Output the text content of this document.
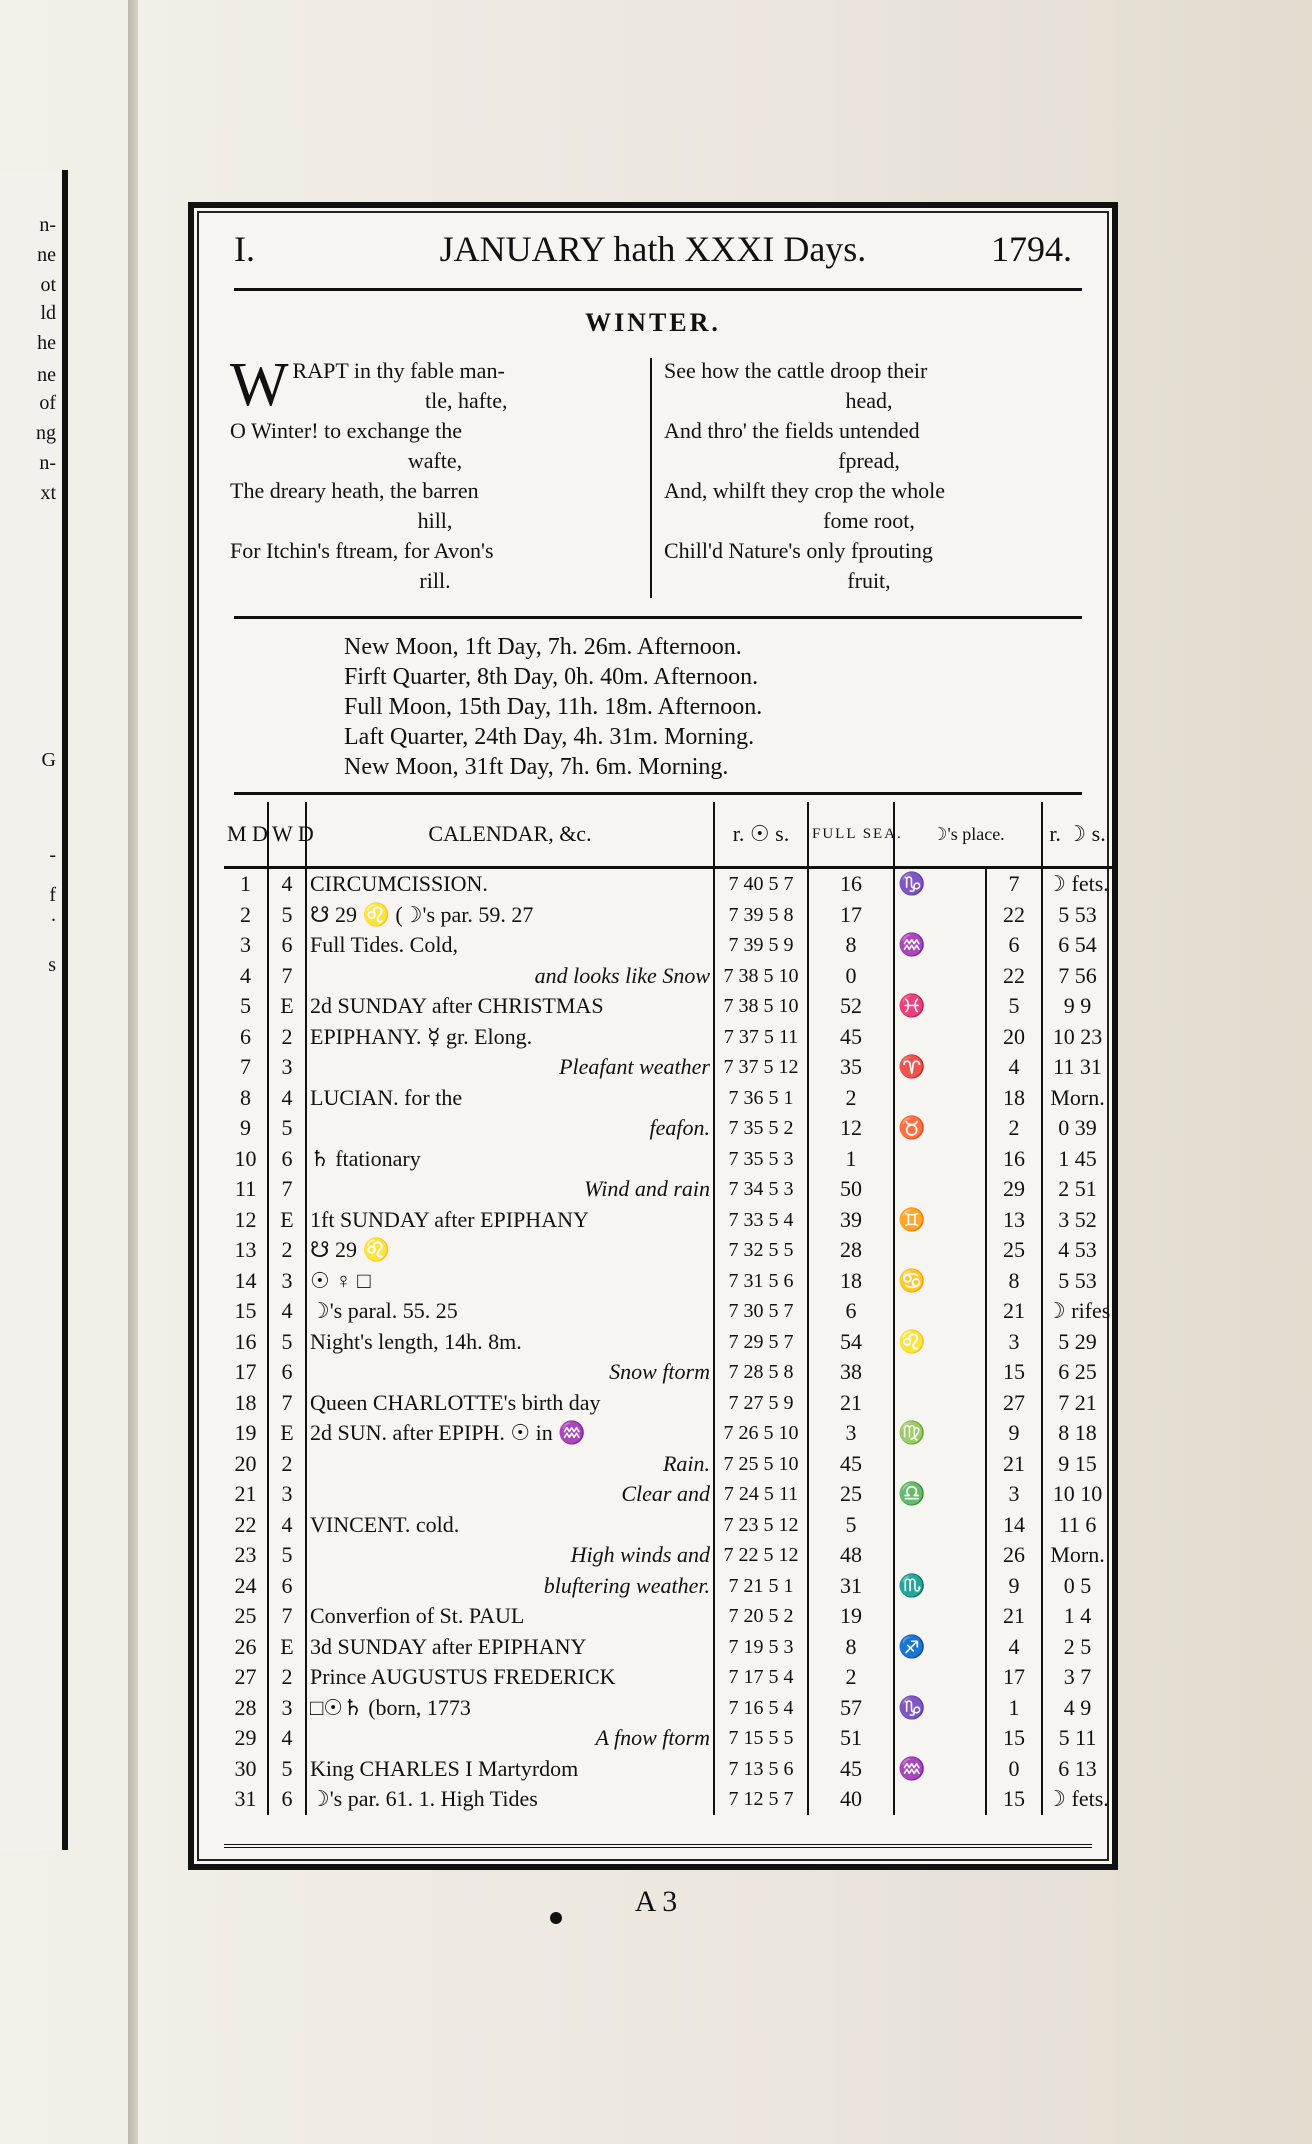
n-
ne
ot
ld
he
ne
of
ng
n-
xt
G
-
f
.
s
I.	JANUARY hath XXXI Days.	1794.
WINTER.
W RAPT in thy fable man-
tle, hafte,
O Winter! to exchange the
wafte,
The dreary heath, the barren
hill,
For Itchin's ftream, for Avon's
rill.
See how the cattle droop their
head,
And thro' the fields untended
fpread,
And, whilft they crop the whole
fome root,
Chill'd Nature's only fprouting
fruit,
New Moon, 1ft Day, 7h. 26m. Afternoon.
Firft Quarter, 8th Day, 0h. 40m. Afternoon.
Full Moon, 15th Day, 11h. 18m. Afternoon.
Laft Quarter, 24th Day, 4h. 31m. Morning.
New Moon, 31ft Day, 7h. 6m. Morning.
M D	W D	CALENDAR, &c.	r. ☉ s.	FULL SEA.	☽'s place.		r. ☽ s.
1	4	CIRCUMCISSION.	7 40 5 7	16	♑	7	☽ fets.
2	5	☋ 29 ♌ (☽'s par. 59. 27	7 39 5 8	17		22	5 53
3	6	Full Tides. Cold,	7 39 5 9	8	♒	6	6 54
4	7	and looks like Snow	7 38 5 10	0		22	7 56
5	E	2d SUNDAY after CHRISTMAS	7 38 5 10	52	♓	5	9 9
6	2	EPIPHANY. ☿ gr. Elong.	7 37 5 11	45		20	10 23
7	3	Pleafant weather	7 37 5 12	35	♈	4	11 31
8	4	LUCIAN. for the	7 36 5 1	2		18	Morn.
9	5	feafon.	7 35 5 2	12	♉	2	0 39
10	6	♄ ftationary	7 35 5 3	1		16	1 45
11	7	Wind and rain	7 34 5 3	50		29	2 51
12	E	1ft SUNDAY after EPIPHANY	7 33 5 4	39	♊	13	3 52
13	2	☋ 29 ♌	7 32 5 5	28		25	4 53
14	3	☉ ♀ □	7 31 5 6	18	♋	8	5 53
15	4	☽'s paral. 55. 25	7 30 5 7	6		21	☽ rifes
16	5	Night's length, 14h. 8m.	7 29 5 7	54	♌	3	5 29
17	6	Snow ftorm	7 28 5 8	38		15	6 25
18	7	Queen CHARLOTTE's birth day	7 27 5 9	21		27	7 21
19	E	2d SUN. after EPIPH. ☉ in ♒	7 26 5 10	3	♍	9	8 18
20	2	Rain.	7 25 5 10	45		21	9 15
21	3	Clear and	7 24 5 11	25	♎	3	10 10
22	4	VINCENT. cold.	7 23 5 12	5		14	11 6
23	5	High winds and	7 22 5 12	48		26	Morn.
24	6	bluftering weather.	7 21 5 1	31	♏	9	0 5
25	7	Converfion of St. PAUL	7 20 5 2	19		21	1 4
26	E	3d SUNDAY after EPIPHANY	7 19 5 3	8	♐	4	2 5
27	2	Prince AUGUSTUS FREDERICK	7 17 5 4	2		17	3 7
28	3	□☉♄ (born, 1773	7 16 5 4	57	♑	1	4 9
29	4	A fnow ftorm	7 15 5 5	51		15	5 11
30	5	King CHARLES I Martyrdom	7 13 5 6	45	♒	0	6 13
31	6	☽'s par. 61. 1. High Tides	7 12 5 7	40		15	☽ fets.
A 3
